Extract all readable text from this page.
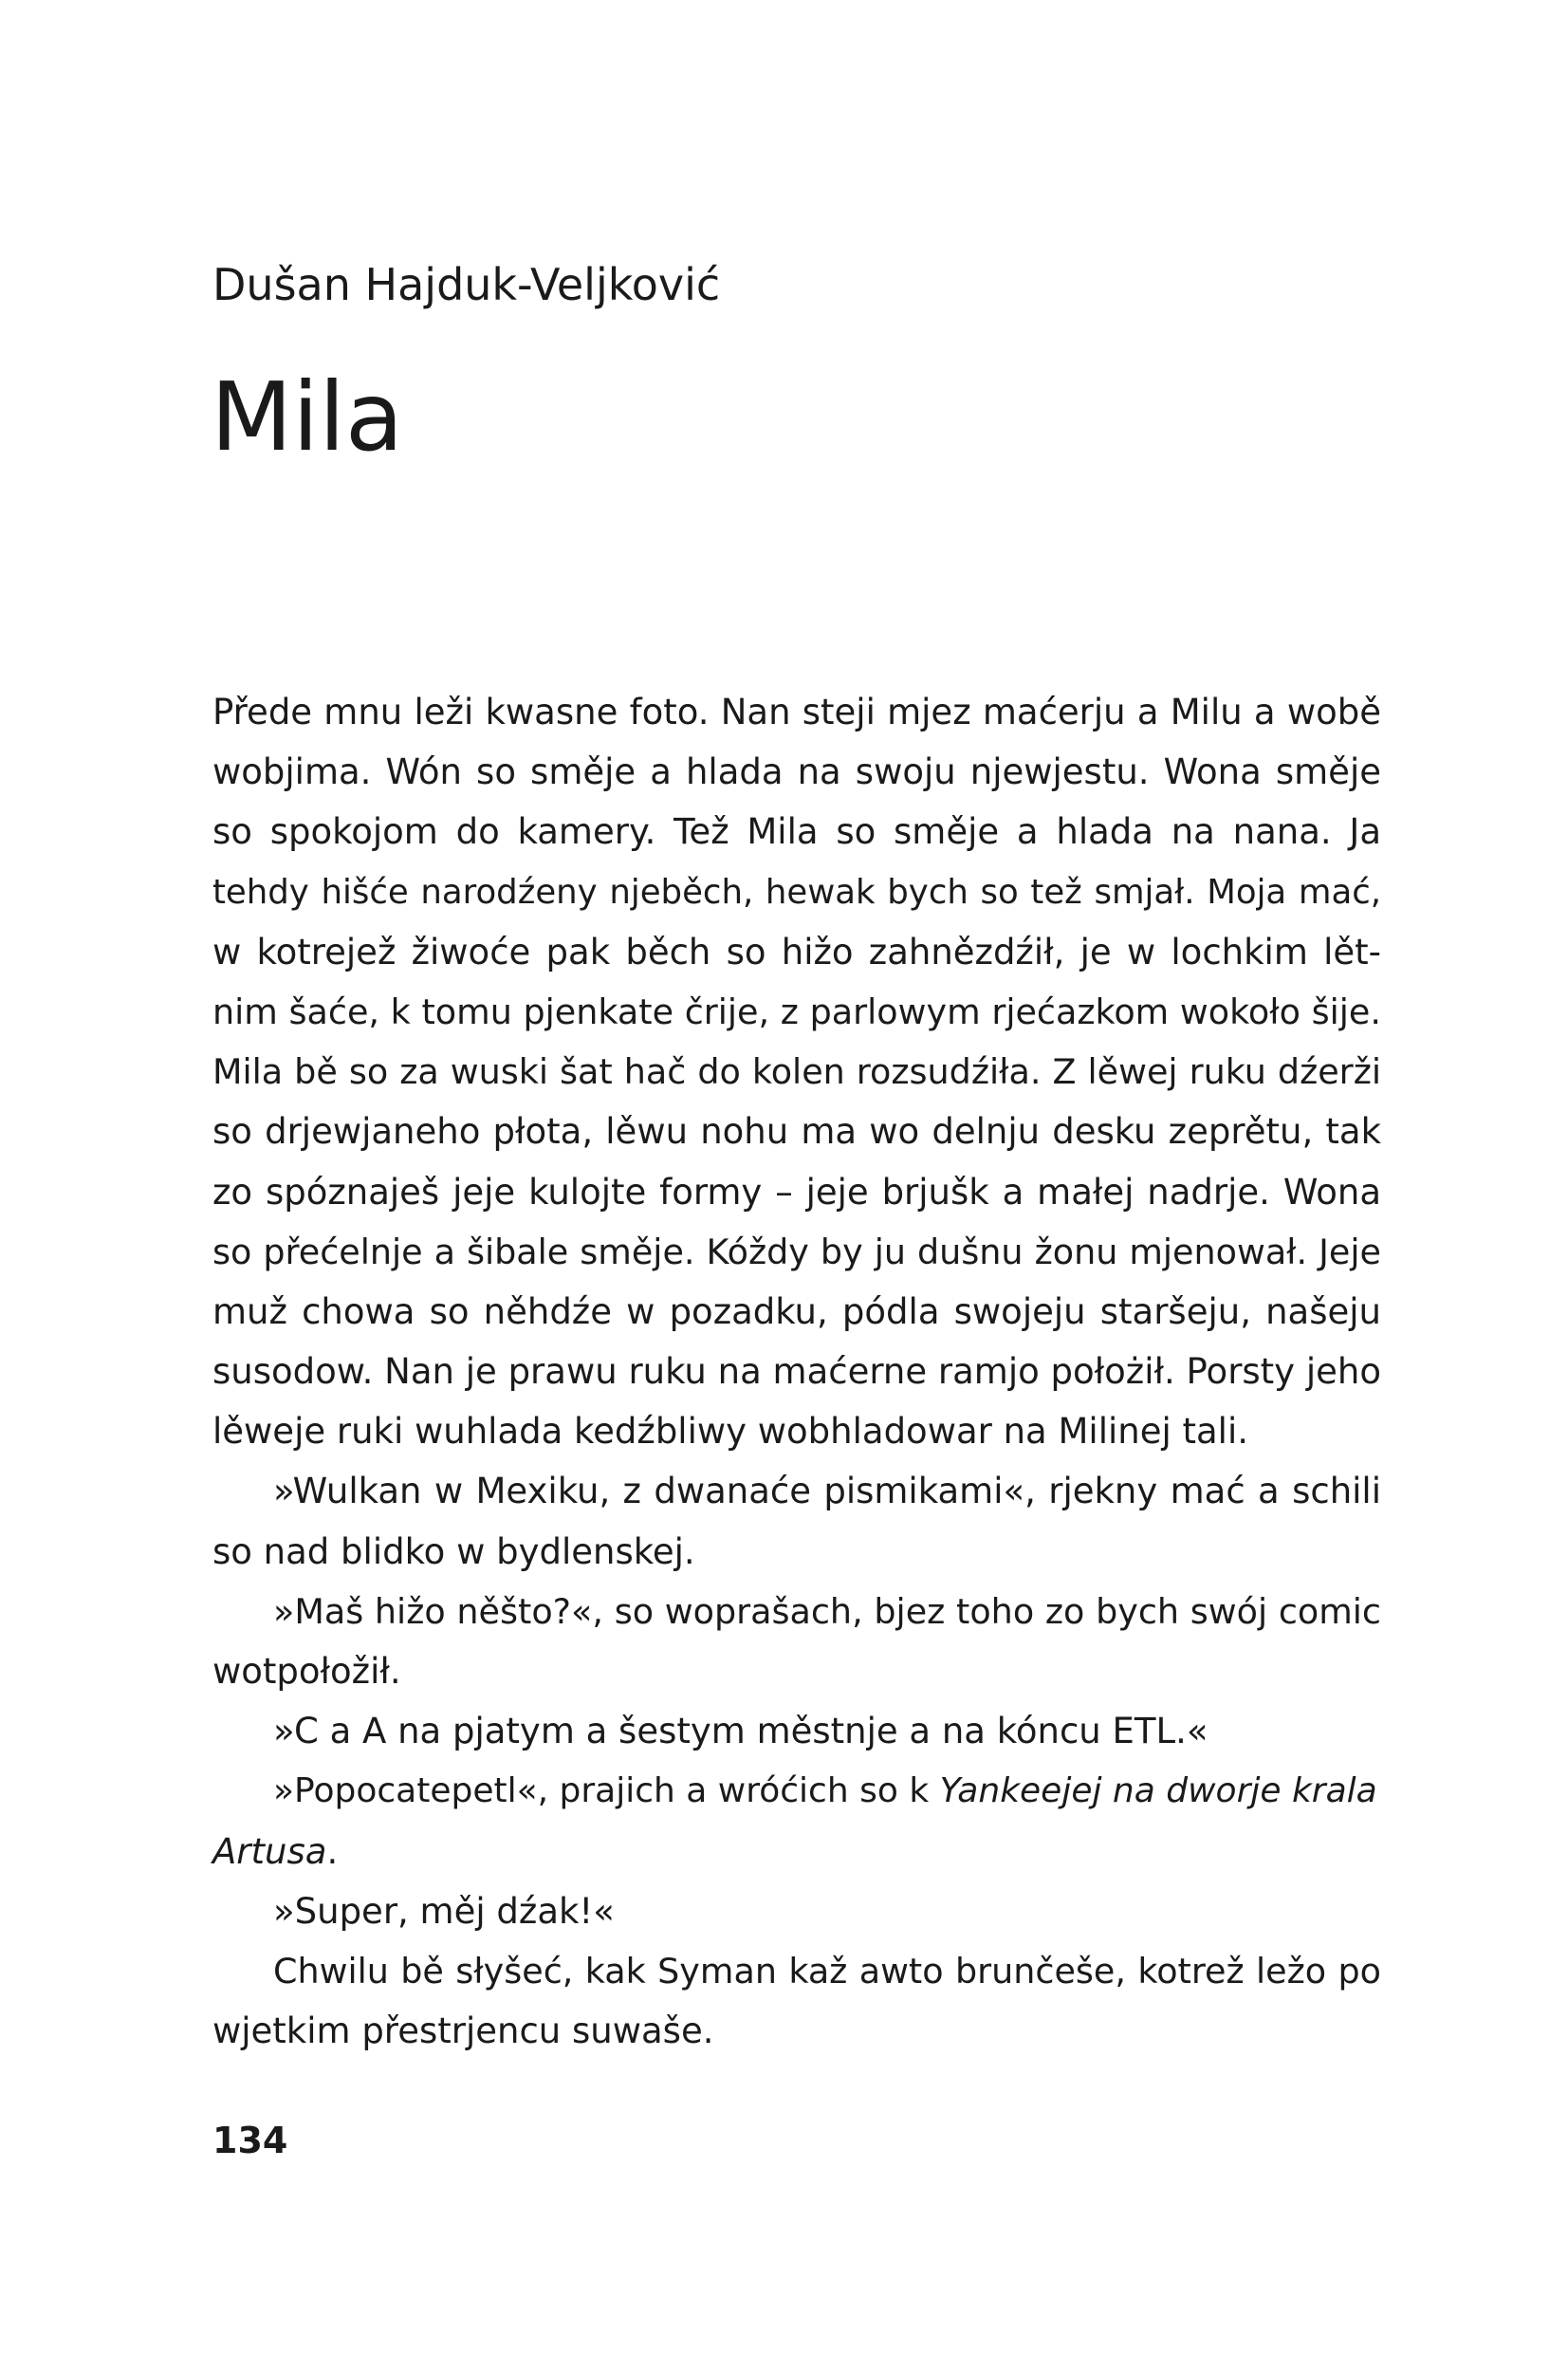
Dušan Hajduk-Veljković
Mila
Přede mnu leži kwasne foto. Nan steji mjez maćerju a Milu a wobě
wobjima. Wón so směje a hlada na swoju njewjestu. Wona směje
so spokojom do kamery. Tež Mila so směje a hlada na nana. Ja
tehdy hišće narodźeny njeběch, hewak bych so tež smjał. Moja mać,
w kotrejež žiwoće pak běch so hižo zahnězdźił, je w lochkim lět-
nim šaće, k tomu pjenkate črije, z parlowym rjećazkom wokoło šije.
Mila bě so za wuski šat hač do kolen rozsudźiła. Z lěwej ruku dźerži
so drjewjaneho płota, lěwu nohu ma wo delnju desku zeprětu, tak
zo spóznaješ jeje kulojte formy – jeje brjušk a małej nadrje. Wona
so přećelnje a šibale směje. Kóždy by ju dušnu žonu mjenował. Jeje
muž chowa so něhdźe w pozadku, pódla swojeju staršeju, našeju
susodow. Nan je prawu ruku na maćerne ramjo położił. Porsty jeho
lěweje ruki wuhlada kedźbliwy wobhladowar na Milinej tali.
»Wulkan w Mexiku, z dwanaće pismikami«, rjekny mać a schili
so nad blidko w bydlenskej.
»Maš hižo něšto?«, so woprašach, bjez toho zo bych swój comic
wotpołožił.
»C a A na pjatym a šestym městnje a na kóncu ETL.«
»Popocatepetl«, prajich a wróćich so k Yankeejej na dworje krala
Artusa.
»Super, měj dźak!«
Chwilu bě słyšeć, kak Syman kaž awto brunčeše, kotrež ležo po
wjetkim přestrjencu suwaše.
134
